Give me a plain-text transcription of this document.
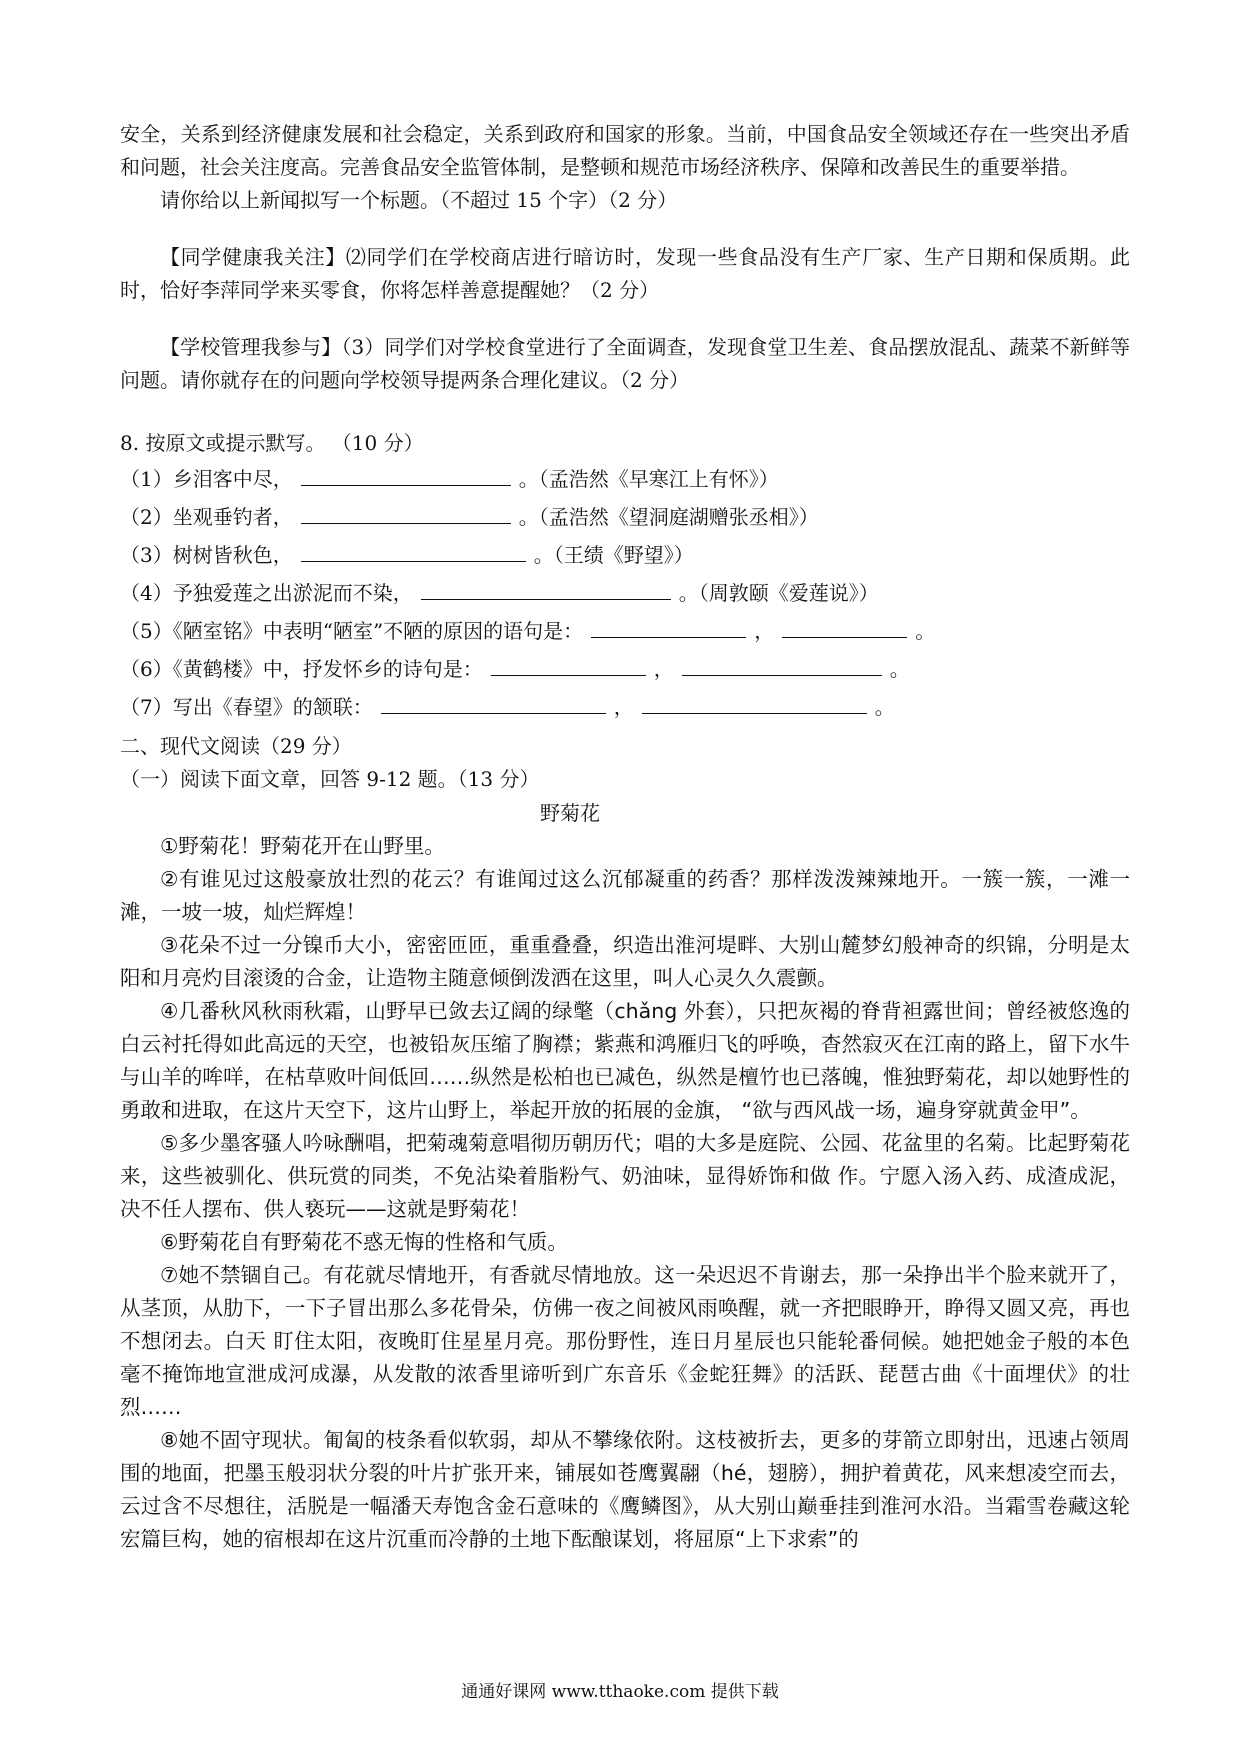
安全，关系到经济健康发展和社会稳定，关系到政府和国家的形象。当前，中国食品安全领域还存在一些突出矛盾和问题，社会关注度高。完善食品安全监管体制，是整顿和规范市场经济秩序、保障和改善民生的重要举措。

请你给以上新闻拟写一个标题。（不超过 15 个字）（2 分）

【同学健康我关注】⑵同学们在学校商店进行暗访时，发现一些食品没有生产厂家、生产日期和保质期。此时，恰好李萍同学来买零食，你将怎样善意提醒她？（2 分）

【学校管理我参与】（3）同学们对学校食堂进行了全面调查，发现食堂卫生差、食品摆放混乱、蔬菜不新鲜等问题。请你就存在的问题向学校领导提两条合理化建议。（2 分）

8. 按原文或提示默写。 （10 分）

（1）乡泪客中尽，	。（孟浩然《早寒江上有怀》）

（2）坐观垂钓者，	。（孟浩然《望洞庭湖赠张丞相》）

（3）树树皆秋色，	。（王绩《野望》）

（4）予独爱莲之出淤泥而不染，	。（周敦颐《爱莲说》）

（5）《陋室铭》中表明“陋室”不陋的原因的语句是：	，	。

（6）《黄鹤楼》中，抒发怀乡的诗句是：	，	。

（7）写出《春望》的颔联：	，	。

二、现代文阅读（29 分）

（一）阅读下面文章，回答 9-12 题。（13 分）

野菊花

①野菊花！野菊花开在山野里。

②有谁见过这般豪放壮烈的花云？有谁闻过这么沉郁凝重的药香？那样泼泼辣辣地开。一簇一簇，一滩一滩，一坡一坡，灿烂辉煌！

③花朵不过一分镍币大小，密密匝匝，重重叠叠，织造出淮河堤畔、大别山麓梦幻般神奇的织锦，分明是太阳和月亮灼目滚烫的合金，让造物主随意倾倒泼洒在这里，叫人心灵久久震颤。

④几番秋风秋雨秋霜，山野早已敛去辽阔的绿氅（chǎng 外套），只把灰褐的脊背袒露世间；曾经被悠逸的白云衬托得如此高远的天空，也被铅灰压缩了胸襟；紫燕和鸿雁归飞的呼唤，杳然寂灭在江南的路上，留下水牛与山羊的哞咩，在枯草败叶间低回……纵然是松柏也已减色，纵然是檀竹也已落魄，惟独野菊花，却以她野性的勇敢和进取，在这片天空下，这片山野上，举起开放的拓展的金旗， “欲与西风战一场，遍身穿就黄金甲”。

⑤多少墨客骚人吟咏酬唱，把菊魂菊意唱彻历朝历代；唱的大多是庭院、公园、花盆里的名菊。比起野菊花来，这些被驯化、供玩赏的同类，不免沾染着脂粉气、奶油味，显得娇饰和做 作。宁愿入汤入药、成渣成泥，决不任人摆布、供人亵玩——这就是野菊花！

⑥野菊花自有野菊花不惑无悔的性格和气质。

⑦她不禁锢自己。有花就尽情地开，有香就尽情地放。这一朵迟迟不肯谢去，那一朵挣出半个脸来就开了，从茎顶，从肋下，一下子冒出那么多花骨朵，仿佛一夜之间被风雨唤醒，就一齐把眼睁开，睁得又圆又亮，再也不想闭去。白天 盯住太阳，夜晚盯住星星月亮。那份野性，连日月星辰也只能轮番伺候。她把她金子般的本色毫不掩饰地宣泄成河成瀑，从发散的浓香里谛听到广东音乐《金蛇狂舞》的活跃、琵琶古曲《十面埋伏》的壮烈……

⑧她不固守现状。匍匐的枝条看似软弱，却从不攀缘依附。这枝被折去，更多的芽箭立即射出，迅速占领周围的地面，把墨玉般羽状分裂的叶片扩张开来，铺展如苍鹰翼翮（hé，翅膀），拥护着黄花，风来想凌空而去，云过含不尽想往，活脱是一幅潘天寿饱含金石意味的《鹰鳞图》，从大别山巅垂挂到淮河水沿。当霜雪卷藏这轮宏篇巨构，她的宿根却在这片沉重而冷静的土地下酝酿谋划，将屈原“上下求索”的

通通好课网 www.tthaoke.com 提供下载
